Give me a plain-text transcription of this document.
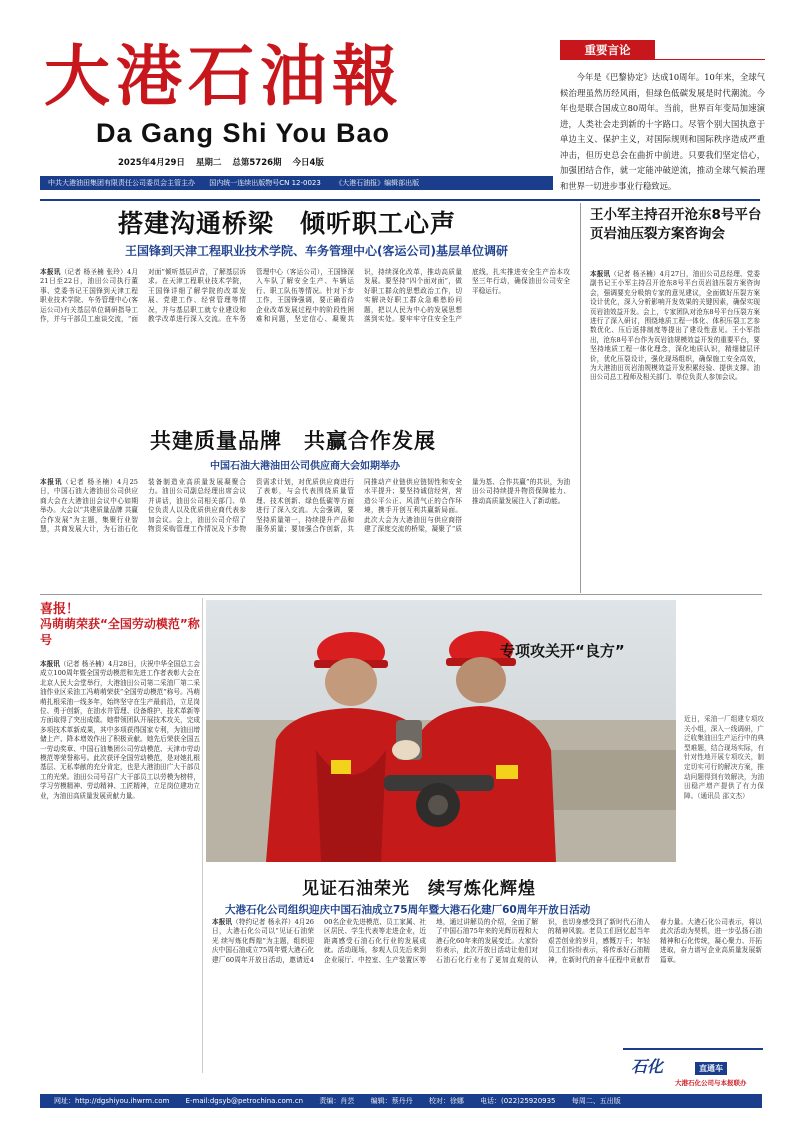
大港石油報
Da Gang Shi You Bao
2025年4月29日 星期二 总第5726期 今日4版
中共大港油田集团有限责任公司委员会主管主办 国内统一连续出版物号CN 12-0023 《大港石油报》编辑部出版
重要言论
今年是《巴黎协定》达成10周年。10年来，全球气候治理虽然历经风雨，但绿色低碳发展是时代潮流。今年也是联合国成立80周年。当前，世界百年变局加速演进，人类社会走到新的十字路口。尽管个别大国执意于单边主义、保护主义，对国际规则和国际秩序造成严重冲击，但历史总会在曲折中前进。只要我们坚定信心，加强团结合作，就一定能冲破逆流，推动全球气候治理和世界一切进步事业行稳致远。
搭建沟通桥梁　倾听职工心声
王国锋到天津工程职业技术学院、车务管理中心(客运公司)基层单位调研
本报讯（记者 杨圣楠 张玲）4月21日至22日，油田公司执行董事、党委书记王国锋到天津工程职业技术学院、车务管理中心(客运公司)有关基层单位调研指导工作，并与干部员工座谈交流，“面对面”倾听基层声音，了解基层诉求。在天津工程职业技术学院，王国锋详细了解学院的改革发展、党建工作、经营管理等情况，并与基层职工就专业建设和教学改革进行深入交流。在车务管理中心（客运公司），王国锋深入车队了解安全生产、车辆运行、职工队伍等情况。针对下步工作，王国锋强调，要正确看待企业改革发展过程中的阶段性困难和问题，坚定信心、凝聚共识，持续深化改革，推动高质量发展。要坚持“四个面对面”，做好职工群众的思想政治工作，切实解决好职工群众急难愁盼问题，把以人民为中心的发展思想落到实处。要牢牢守住安全生产底线，扎实推进安全生产治本攻坚三年行动，确保油田公司安全平稳运行。
王小军主持召开沧东8号平台页岩油压裂方案咨询会
本报讯（记者 杨圣楠）4月27日，油田公司总经理、党委副书记王小军主持召开沧东8号平台页岩油压裂方案咨询会，强调要充分吸纳专家的意见建议，全面做好压裂方案设计优化，深入分析影响开发效果的关键因素，确保实现页岩油效益开发。会上，专家团队对沧东8号平台压裂方案进行了深入研讨，围绕地质工程一体化、体积压裂工艺参数优化、压后返排制度等提出了建设性意见。王小军指出，沧东8号平台作为页岩油规模效益开发的重要平台，要坚持地质工程一体化理念，深化地质认识，精细储层评价，优化压裂设计，强化现场组织，确保施工安全高效，为大港油田页岩油规模效益开发积累经验、提供支撑。油田公司总工程师及相关部门、单位负责人参加会议。
共建质量品牌　共赢合作发展
中国石油大港油田公司供应商大会如期举办
本报讯（记者 杨圣楠）4月25日，中国石油大港油田公司供应商大会在大港油田会议中心如期举办。大会以“共建质量品牌 共赢合作发展”为主题，集聚行业智慧，共商发展大计，为石油石化装备制造业高质量发展凝聚合力。油田公司副总经理出席会议并讲话，油田公司相关部门、单位负责人以及优质供应商代表参加会议。会上，油田公司介绍了物资采购管理工作情况及下步物资需求计划，对优质供应商进行了表彰，与会代表围绕质量管理、技术创新、绿色低碳等方面进行了深入交流。大会强调，要坚持质量第一，持续提升产品和服务质量；要加强合作创新，共同推动产业链供应链韧性和安全水平提升；要坚持诚信经营，营造公平公正、风清气正的合作环境，携手开创互利共赢新局面。此次大会为大港油田与供应商搭建了深度交流的桥梁，凝聚了“质量为基、合作共赢”的共识，为油田公司持续提升物资保障能力、推动高质量发展注入了新动能。
喜报！
冯萌萌荣获“全国劳动模范”称号
本报讯（记者 杨圣楠）4月28日，庆祝中华全国总工会成立100周年暨全国劳动模范和先进工作者表彰大会在北京人民大会堂举行，大港油田公司第二采油厂第二采油作业区采油工冯萌萌荣获“全国劳动模范”称号。冯萌萌扎根采油一线多年，始终坚守在生产最前沿，立足岗位、勇于创新，在油水井管理、设备维护、技术革新等方面取得了突出成绩。她带领团队开展技术攻关，完成多项技术革新成果，其中多项获得国家专利，为油田增储上产、降本增效作出了积极贡献。她先后荣获全国五一劳动奖章、中国石油集团公司劳动模范、天津市劳动模范等荣誉称号。此次获评全国劳动模范，是对她扎根基层、无私奉献的充分肯定，也是大港油田广大干部员工的光荣。油田公司号召广大干部员工以劳模为榜样，学习劳模精神、劳动精神、工匠精神，立足岗位建功立业，为油田高质量发展贡献力量。
专项攻关开“良方”
近日，采油一厂组建专项攻关小组，深入一线调研，广泛收集油田生产运行中的典型难题，结合现场实际，有针对性地开展专项攻关，制定切实可行的解决方案，推动问题得到有效解决，为油田稳产增产提供了有力保障。（通讯员 邵文杰）
见证石油荣光　续写炼化辉煌
大港石化公司组织迎庆中国石油成立75周年暨大港石化建厂60周年开放日活动
本报讯（特约记者 杨永祥）4月26日，大港石化公司以“见证石油荣光 续写炼化辉煌”为主题，组织迎庆中国石油成立75周年暨大港石化建厂60周年开放日活动，邀请近400名企业先进模范、员工家属、社区居民、学生代表等走进企业，近距离感受石油石化行业的发展成就。活动现场，参观人员先后来到企业展厅、中控室、生产装置区等地，通过讲解员的介绍，全面了解了中国石油75年来的光辉历程和大港石化60年来的发展变迁。大家纷纷表示，此次开放日活动让他们对石油石化行业有了更加直观的认识，也切身感受到了新时代石油人的精神风貌。老员工们回忆起当年艰苦创业的岁月，感慨万千；年轻员工们纷纷表示，将传承好石油精神，在新时代的奋斗征程中贡献青春力量。大港石化公司表示，将以此次活动为契机，进一步弘扬石油精神和石化传统，凝心聚力、开拓进取，奋力谱写企业高质量发展新篇章。
石化	直通车
大港石化公司与本报联办
网址：http://dgshiyou.ihwrm.com E-mail:dgsyb@petrochina.com.cn 责编：肖芸 编辑：蔡丹丹 校对：徐娜 电话：(022)25920935 每周二、五出版
